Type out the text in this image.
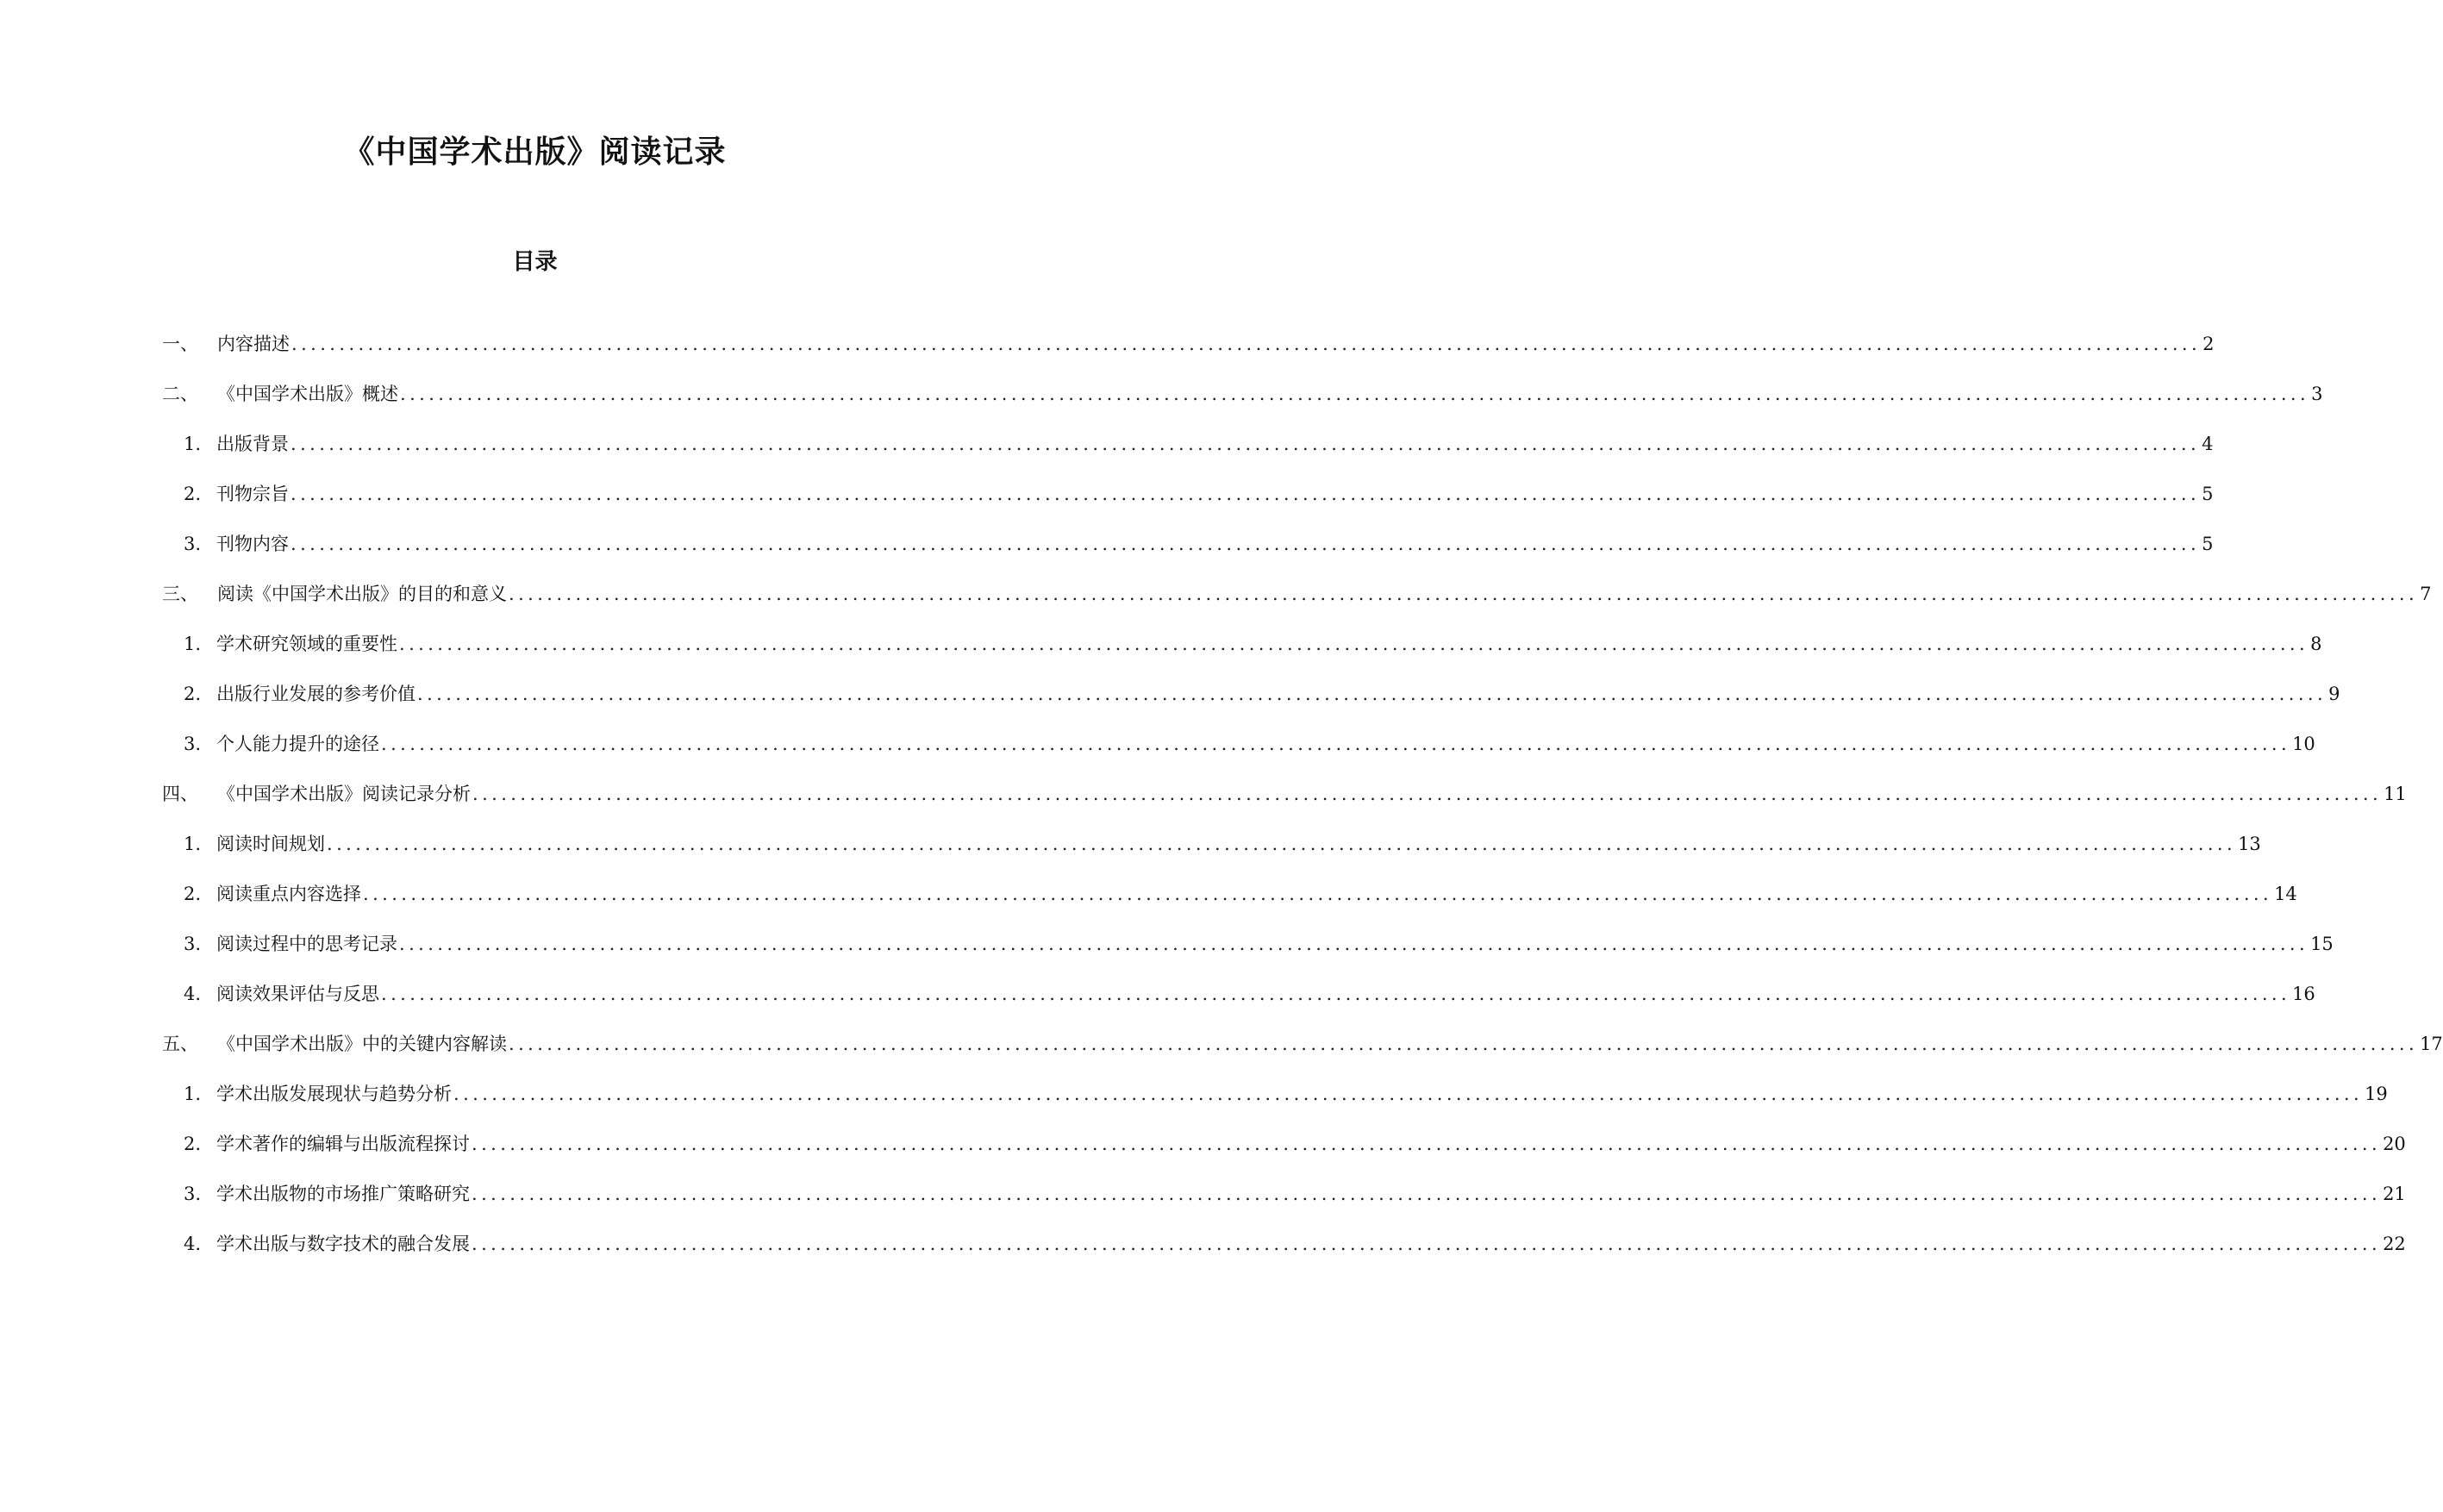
《中国学术出版》阅读记录
目录
一、	内容描述 ........................................................................................................................................................................................................ 2
二、	《中国学术出版》概述 ........................................................................................................................................................................................................ 3
1. 出版背景 ........................................................................................................................................................................................................ 4
2. 刊物宗旨 ........................................................................................................................................................................................................ 5
3. 刊物内容 ........................................................................................................................................................................................................ 5
三、	阅读《中国学术出版》的目的和意义 ........................................................................................................................................................................................................ 7
1. 学术研究领域的重要性 ........................................................................................................................................................................................................ 8
2. 出版行业发展的参考价值 ........................................................................................................................................................................................................ 9
3. 个人能力提升的途径 ........................................................................................................................................................................................................ 10
四、	《中国学术出版》阅读记录分析 ........................................................................................................................................................................................................ 11
1. 阅读时间规划 ........................................................................................................................................................................................................ 13
2. 阅读重点内容选择 ........................................................................................................................................................................................................ 14
3. 阅读过程中的思考记录 ........................................................................................................................................................................................................ 15
4. 阅读效果评估与反思 ........................................................................................................................................................................................................ 16
五、	《中国学术出版》中的关键内容解读 ........................................................................................................................................................................................................ 17
1. 学术出版发展现状与趋势分析 ........................................................................................................................................................................................................ 19
2. 学术著作的编辑与出版流程探讨 ........................................................................................................................................................................................................ 20
3. 学术出版物的市场推广策略研究 ........................................................................................................................................................................................................ 21
4. 学术出版与数字技术的融合发展 ........................................................................................................................................................................................................ 22
